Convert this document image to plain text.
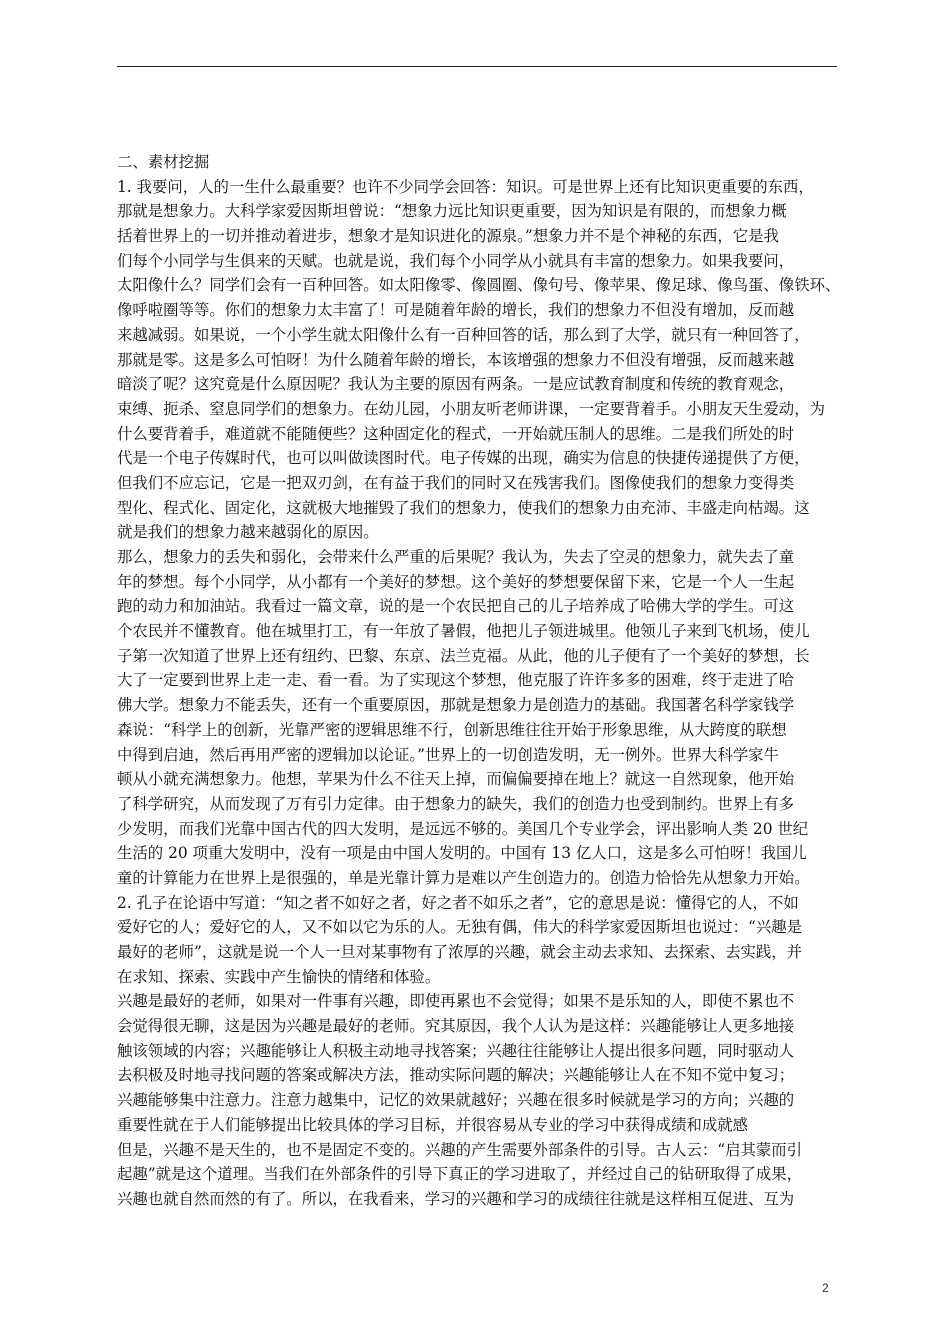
二、素材挖掘
1. 我要问，人的一生什么最重要？也许不少同学会回答：知识。可是世界上还有比知识更重要的东西，
那就是想象力。大科学家爱因斯坦曾说：“想象力远比知识更重要，因为知识是有限的，而想象力概
括着世界上的一切并推动着进步，想象才是知识进化的源泉。”想象力并不是个神秘的东西，它是我
们每个小同学与生俱来的天赋。也就是说，我们每个小同学从小就具有丰富的想象力。如果我要问，
太阳像什么？同学们会有一百种回答。如太阳像零、像圆圈、像句号、像苹果、像足球、像鸟蛋、像铁环、
像呼啦圈等等。你们的想象力太丰富了！可是随着年龄的增长，我们的想象力不但没有增加，反而越
来越减弱。如果说，一个小学生就太阳像什么有一百种回答的话，那么到了大学，就只有一种回答了，
那就是零。这是多么可怕呀！为什么随着年龄的增长，本该增强的想象力不但没有增强，反而越来越
暗淡了呢？这究竟是什么原因呢？我认为主要的原因有两条。一是应试教育制度和传统的教育观念，
束缚、扼杀、窒息同学们的想象力。在幼儿园，小朋友听老师讲课，一定要背着手。小朋友天生爱动，为
什么要背着手，难道就不能随便些？这种固定化的程式，一开始就压制人的思维。二是我们所处的时
代是一个电子传媒时代，也可以叫做读图时代。电子传媒的出现，确实为信息的快捷传递提供了方便，
但我们不应忘记，它是一把双刃剑，在有益于我们的同时又在残害我们。图像使我们的想象力变得类
型化、程式化、固定化，这就极大地摧毁了我们的想象力，使我们的想象力由充沛、丰盛走向枯竭。这
就是我们的想象力越来越弱化的原因。
那么，想象力的丢失和弱化，会带来什么严重的后果呢？我认为，失去了空灵的想象力，就失去了童
年的梦想。每个小同学，从小都有一个美好的梦想。这个美好的梦想要保留下来，它是一个人一生起
跑的动力和加油站。我看过一篇文章，说的是一个农民把自己的儿子培养成了哈佛大学的学生。可这
个农民并不懂教育。他在城里打工，有一年放了暑假，他把儿子领进城里。他领儿子来到飞机场，使儿
子第一次知道了世界上还有纽约、巴黎、东京、法兰克福。从此，他的儿子便有了一个美好的梦想，长
大了一定要到世界上走一走、看一看。为了实现这个梦想，他克服了许许多多的困难，终于走进了哈
佛大学。想象力不能丢失，还有一个重要原因，那就是想象力是创造力的基础。我国著名科学家钱学
森说：“科学上的创新，光靠严密的逻辑思维不行，创新思维往往开始于形象思维，从大跨度的联想
中得到启迪，然后再用严密的逻辑加以论证。”世界上的一切创造发明，无一例外。世界大科学家牛
顿从小就充满想象力。他想，苹果为什么不往天上掉，而偏偏要掉在地上？就这一自然现象，他开始
了科学研究，从而发现了万有引力定律。由于想象力的缺失，我们的创造力也受到制约。世界上有多
少发明，而我们光靠中国古代的四大发明，是远远不够的。美国几个专业学会，评出影响人类 20 世纪
生活的 20 项重大发明中，没有一项是由中国人发明的。中国有 13 亿人口，这是多么可怕呀！我国儿
童的计算能力在世界上是很强的，单是光靠计算力是难以产生创造力的。创造力恰恰先从想象力开始。
2. 孔子在论语中写道：“知之者不如好之者，好之者不如乐之者”，它的意思是说：懂得它的人，不如
爱好它的人；爱好它的人，又不如以它为乐的人。无独有偶，伟大的科学家爱因斯坦也说过：“兴趣是
最好的老师”，这就是说一个人一旦对某事物有了浓厚的兴趣，就会主动去求知、去探索、去实践，并
在求知、探索、实践中产生愉快的情绪和体验。
兴趣是最好的老师，如果对一件事有兴趣，即使再累也不会觉得；如果不是乐知的人，即使不累也不
会觉得很无聊，这是因为兴趣是最好的老师。究其原因，我个人认为是这样：兴趣能够让人更多地接
触该领域的内容；兴趣能够让人积极主动地寻找答案；兴趣往往能够让人提出很多问题，同时驱动人
去积极及时地寻找问题的答案或解决方法，推动实际问题的解决；兴趣能够让人在不知不觉中复习；
兴趣能够集中注意力。注意力越集中，记忆的效果就越好；兴趣在很多时候就是学习的方向；兴趣的
重要性就在于人们能够提出比较具体的学习目标，并很容易从专业的学习中获得成绩和成就感
但是，兴趣不是天生的，也不是固定不变的。兴趣的产生需要外部条件的引导。古人云：“启其蒙而引
起趣”就是这个道理。当我们在外部条件的引导下真正的学习进取了，并经过自己的钻研取得了成果，
兴趣也就自然而然的有了。所以，在我看来，学习的兴趣和学习的成绩往往就是这样相互促进、互为
2
